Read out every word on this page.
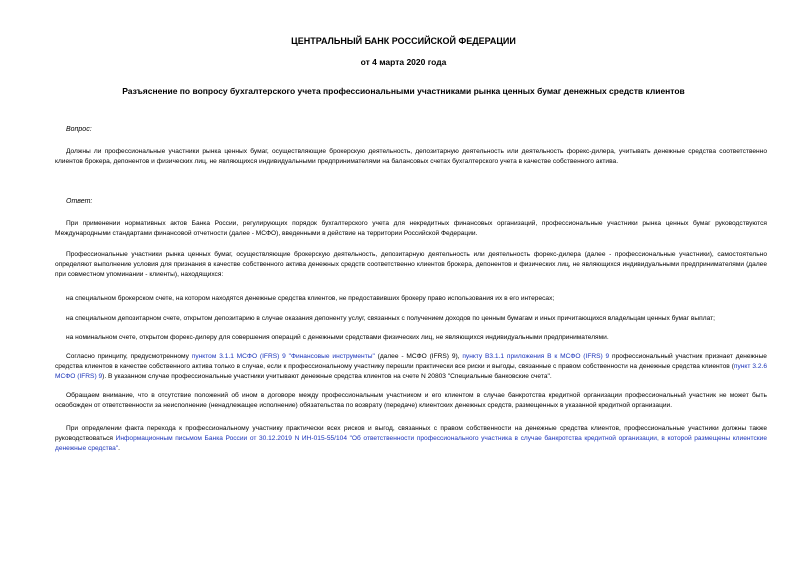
ЦЕНТРАЛЬНЫЙ БАНК РОССИЙСКОЙ ФЕДЕРАЦИИ
от 4 марта 2020 года
Разъяснение по вопросу бухгалтерского учета профессиональными участниками рынка ценных бумаг денежных средств клиентов
Вопрос:
Должны ли профессиональные участники рынка ценных бумаг, осуществляющие брокерскую деятельность, депозитарную деятельность или деятельность форекс-дилера, учитывать денежные средства соответственно клиентов брокера, депонентов и физических лиц, не являющихся индивидуальными предпринимателями на балансовых счетах бухгалтерского учета в качестве собственного актива.
Ответ:
При применении нормативных актов Банка России, регулирующих порядок бухгалтерского учета для некредитных финансовых организаций, профессиональные участники рынка ценных бумаг руководствуются Международными стандартами финансовой отчетности (далее - МСФО), введенными в действие на территории Российской Федерации.
Профессиональные участники рынка ценных бумаг, осуществляющие брокерскую деятельность, депозитарную деятельность или деятельность форекс-дилера (далее - профессиональные участники), самостоятельно определяют выполнение условия для признания в качестве собственного актива денежных средств соответственно клиентов брокера, депонентов и физических лиц, не являющихся индивидуальными предпринимателями (далее при совместном упоминании - клиенты), находящихся:
на специальном брокерском счете, на котором находятся денежные средства клиентов, не предоставивших брокеру право использования их в его интересах;
на специальном депозитарном счете, открытом депозитарию в случае оказания депоненту услуг, связанных с получением доходов по ценным бумагам и иных причитающихся владельцам ценных бумаг выплат;
на номинальном счете, открытом форекс-дилеру для совершения операций с денежными средствами физических лиц, не являющихся индивидуальными предпринимателями.
Согласно принципу, предусмотренному пунктом 3.1.1 МСФО (IFRS) 9 "Финансовые инструменты" (далее - МСФО (IFRS) 9), пункту В3.1.1 приложения В к МСФО (IFRS) 9 профессиональный участник признает денежные средства клиентов в качестве собственного актива только в случае, если к профессиональному участнику перешли практически все риски и выгоды, связанные с правом собственности на денежные средства клиентов (пункт 3.2.6 МСФО (IFRS) 9). В указанном случае профессиональные участники учитывают денежные средства клиентов на счете N 20803 "Специальные банковские счета".
Обращаем внимание, что в отсутствие положений об ином в договоре между профессиональным участником и его клиентом в случае банкротства кредитной организации профессиональный участник не может быть освобожден от ответственности за неисполнение (ненадлежащее исполнение) обязательства по возврату (передаче) клиентских денежных средств, размещенных в указанной кредитной организации.
При определении факта перехода к профессиональному участнику практически всех рисков и выгод, связанных с правом собственности на денежные средства клиентов, профессиональные участники должны также руководствоваться Информационным письмом Банка России от 30.12.2019 N ИН-015-55/104 "Об ответственности профессионального участника в случае банкротства кредитной организации, в которой размещены клиентские денежные средства".
